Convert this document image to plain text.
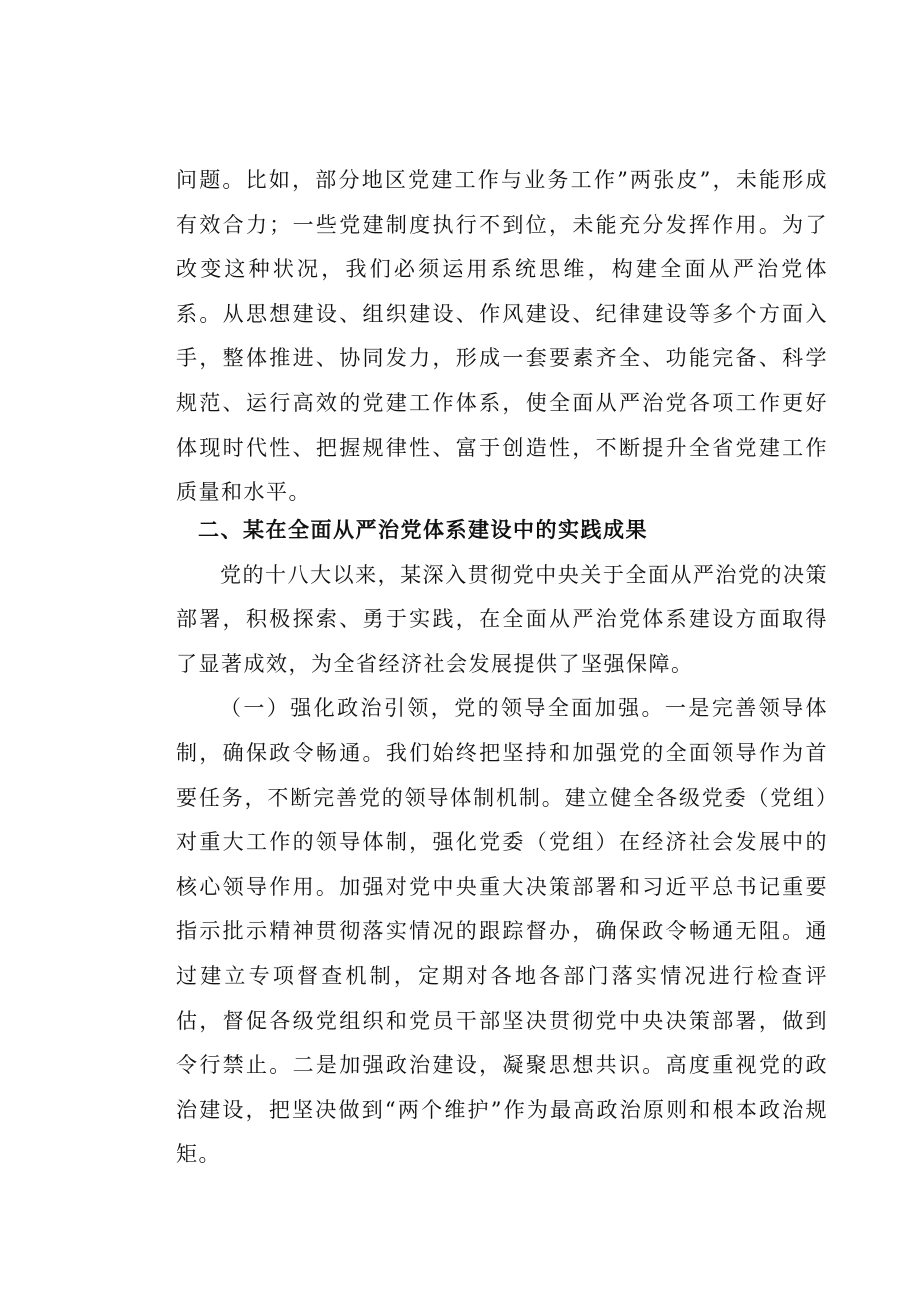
问题。比如，部分地区党建工作与业务工作”两张皮”，未能形成有效合力；一些党建制度执行不到位，未能充分发挥作用。为了改变这种状况，我们必须运用系统思维，构建全面从严治党体系。从思想建设、组织建设、作风建设、纪律建设等多个方面入手，整体推进、协同发力，形成一套要素齐全、功能完备、科学规范、运行高效的党建工作体系，使全面从严治党各项工作更好体现时代性、把握规律性、富于创造性，不断提升全省党建工作质量和水平。

二、某在全面从严治党体系建设中的实践成果

党的十八大以来，某深入贯彻党中央关于全面从严治党的决策部署，积极探索、勇于实践，在全面从严治党体系建设方面取得了显著成效，为全省经济社会发展提供了坚强保障。

（一）强化政治引领，党的领导全面加强。一是完善领导体制，确保政令畅通。我们始终把坚持和加强党的全面领导作为首要任务，不断完善党的领导体制机制。建立健全各级党委（党组）对重大工作的领导体制，强化党委（党组）在经济社会发展中的核心领导作用。加强对党中央重大决策部署和习近平总书记重要指示批示精神贯彻落实情况的跟踪督办，确保政令畅通无阻。通过建立专项督查机制，定期对各地各部门落实情况进行检查评估，督促各级党组织和党员干部坚决贯彻党中央决策部署，做到令行禁止。二是加强政治建设，凝聚思想共识。高度重视党的政治建设，把坚决做到“两个维护”作为最高政治原则和根本政治规矩。
